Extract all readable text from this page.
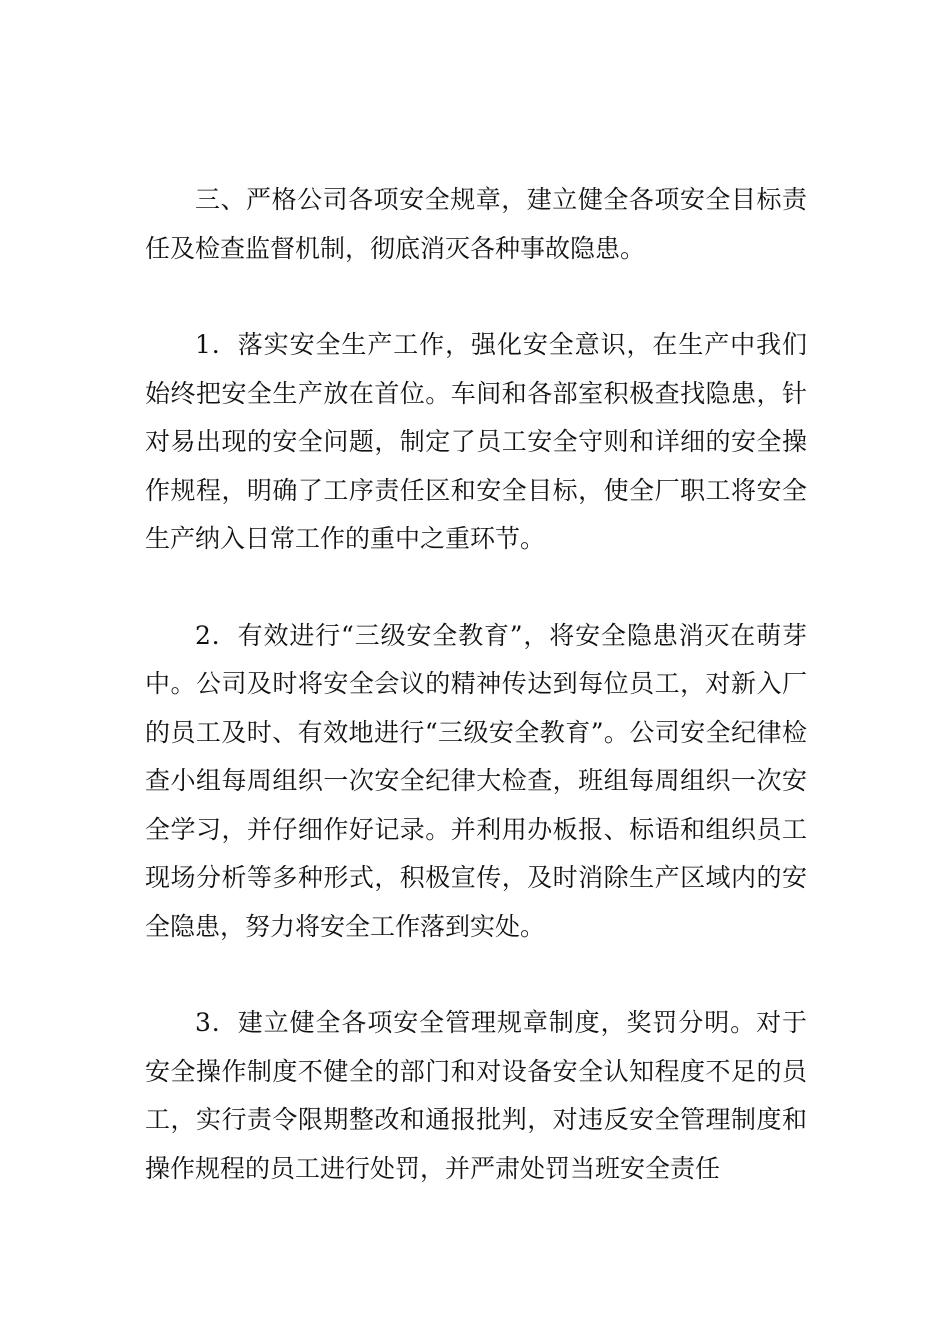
三、严格公司各项安全规章，建立健全各项安全目标责任及检查监督机制，彻底消灭各种事故隐患。

1．落实安全生产工作，强化安全意识，在生产中我们始终把安全生产放在首位。车间和各部室积极查找隐患，针对易出现的安全问题，制定了员工安全守则和详细的安全操作规程，明确了工序责任区和安全目标，使全厂职工将安全生产纳入日常工作的重中之重环节。

2．有效进行“三级安全教育”，将安全隐患消灭在萌芽中。公司及时将安全会议的精神传达到每位员工，对新入厂的员工及时、有效地进行“三级安全教育”。公司安全纪律检查小组每周组织一次安全纪律大检查，班组每周组织一次安全学习，并仔细作好记录。并利用办板报、标语和组织员工现场分析等多种形式，积极宣传，及时消除生产区域内的安全隐患，努力将安全工作落到实处。

3．建立健全各项安全管理规章制度，奖罚分明。对于安全操作制度不健全的部门和对设备安全认知程度不足的员工，实行责令限期整改和通报批判，对违反安全管理制度和操作规程的员工进行处罚，并严肃处罚当班安全责任
